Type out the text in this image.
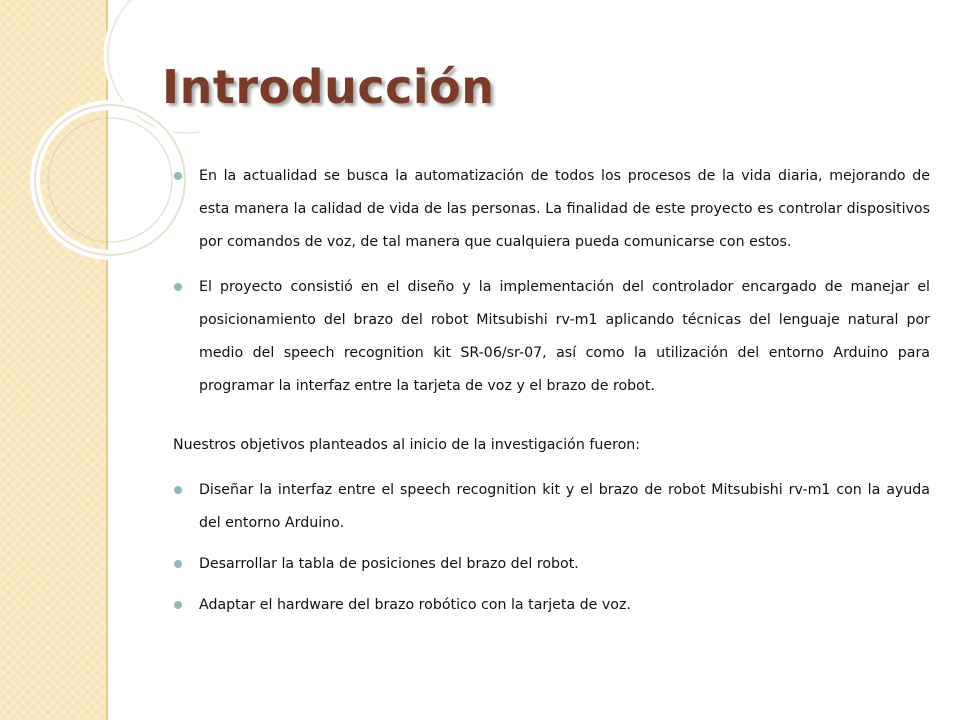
Introducción

En la actualidad se busca la automatización de todos los procesos de la vida diaria, mejorando de esta manera la calidad de vida de las personas. La finalidad de este proyecto es controlar dispositivos por comandos de voz, de tal manera que cualquiera pueda comunicarse con estos.

El proyecto consistió en el diseño y la implementación del controlador encargado de manejar el posicionamiento del brazo del robot Mitsubishi rv-m1 aplicando técnicas del lenguaje natural por medio del speech recognition kit SR-06/sr-07, así como la utilización del entorno Arduino para programar la interfaz entre la tarjeta de voz y el brazo de robot.

Nuestros objetivos planteados al inicio de la investigación fueron:

Diseñar la interfaz entre el speech recognition kit y el brazo de robot Mitsubishi rv-m1 con la ayuda del entorno Arduino.

Desarrollar la tabla de posiciones del brazo del robot.

Adaptar el hardware del brazo robótico con la tarjeta de voz.
